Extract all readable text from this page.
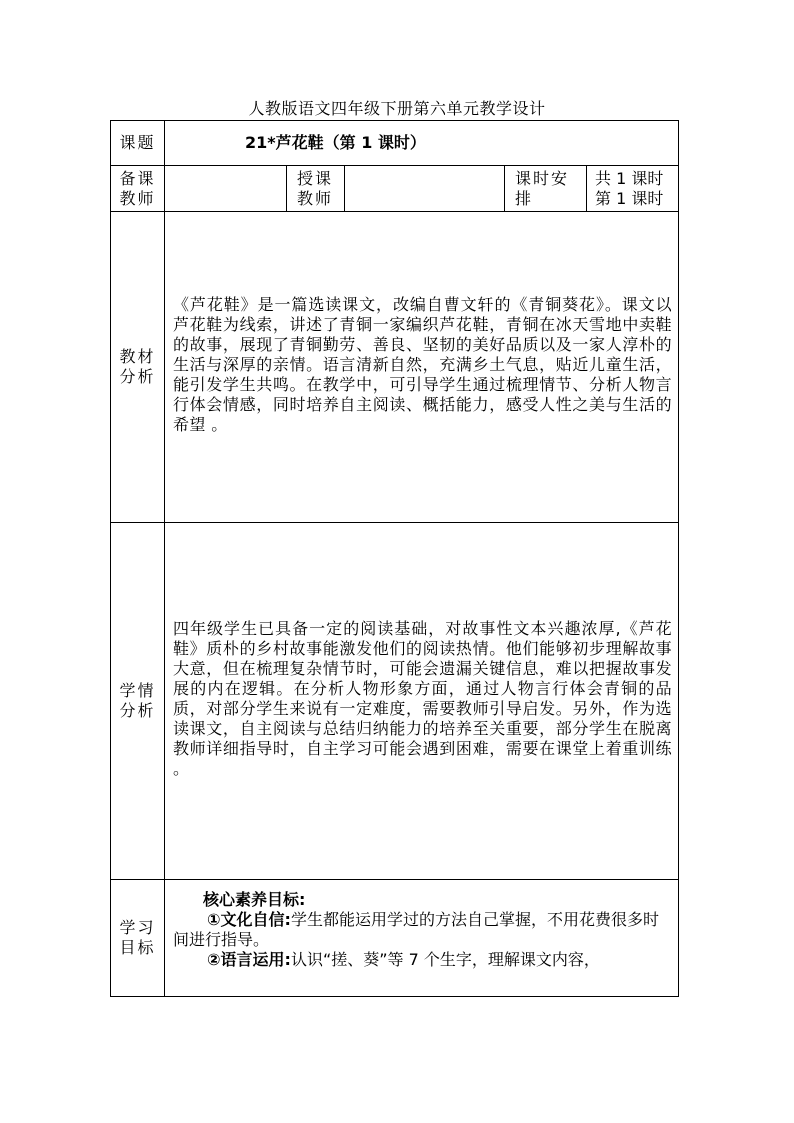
人教版语文四年级下册第六单元教学设计
课题	21*芦花鞋（第 1 课时）				
备课教师		授课教师		课时安排	共 1 课时
第 1 课时

教材分析	《芦花鞋》是一篇选读课文，改编自曹文轩的《青铜葵花》。课文以芦花鞋为线索，讲述了青铜一家编织芦花鞋，青铜在冰天雪地中卖鞋的故事，展现了青铜勤劳、善良、坚韧的美好品质以及一家人淳朴的生活与深厚的亲情。语言清新自然，充满乡土气息，贴近儿童生活，能引发学生共鸣。在教学中，可引导学生通过梳理情节、分析人物言行体会情感，同时培养自主阅读、概括能力，感受人性之美与生活的希望 。				
学情分析	四年级学生已具备一定的阅读基础，对故事性文本兴趣浓厚,《芦花鞋》质朴的乡村故事能激发他们的阅读热情。他们能够初步理解故事大意，但在梳理复杂情节时，可能会遗漏关键信息，难以把握故事发展的内在逻辑。在分析人物形象方面，通过人物言行体会青铜的品质，对部分学生来说有一定难度，需要教师引导启发。另外，作为选读课文，自主阅读与总结归纳能力的培养至关重要，部分学生在脱离教师详细指导时，自主学习可能会遇到困难，需要在课堂上着重训练 。				
学习目标	核心素养目标:

①文化自信:学生都能运用学过的方法自己掌握，不用花费很多时间进行指导。

②语言运用:认识“搓、葵”等 7 个生字，理解课文内容，				
